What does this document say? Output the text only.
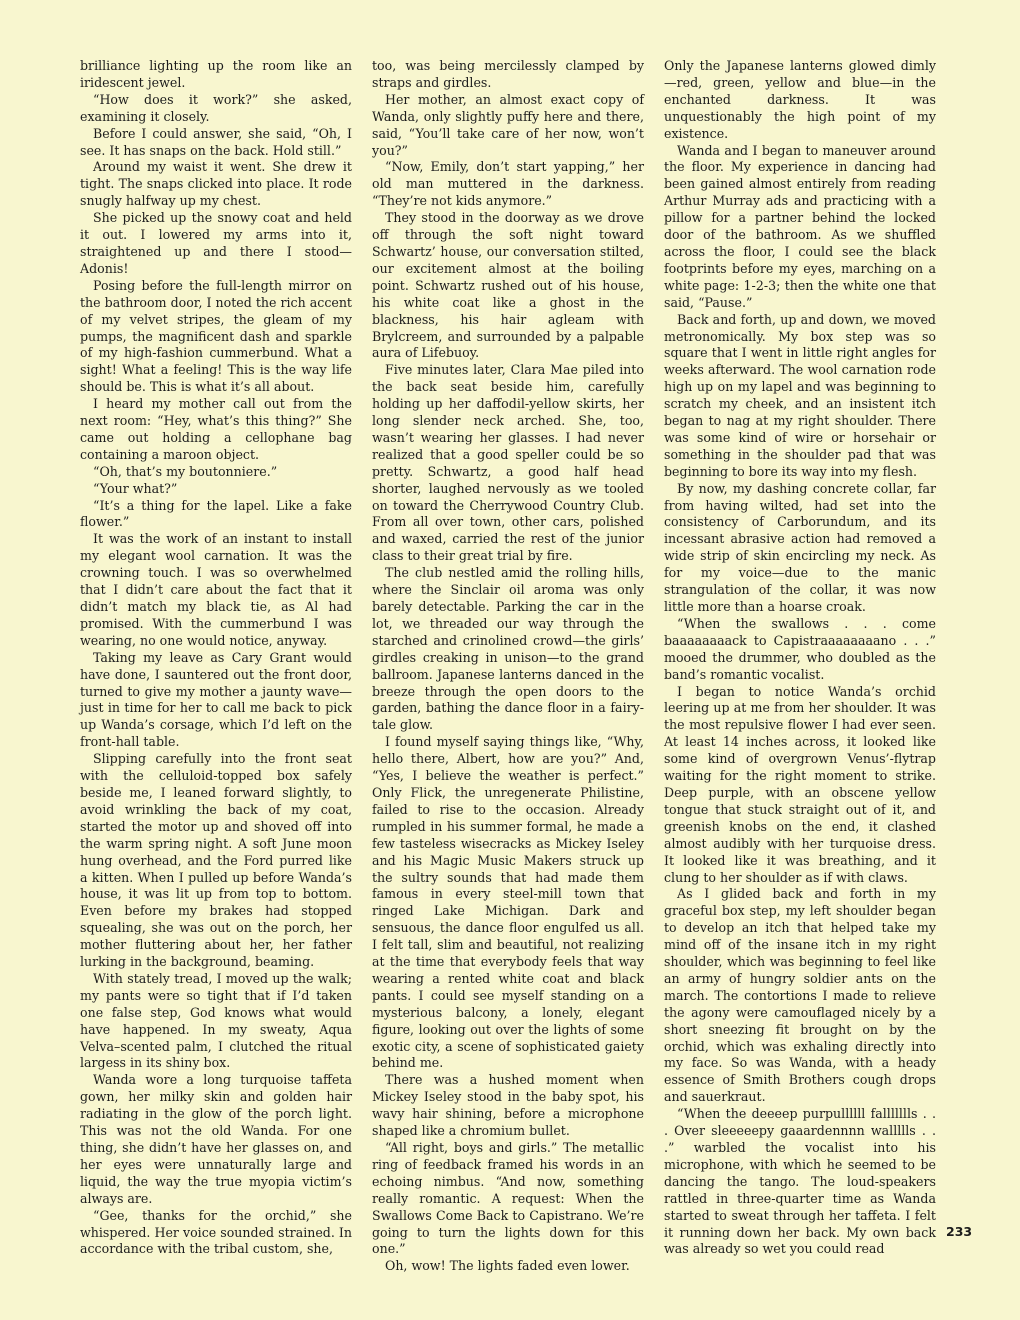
brilliance lighting up the room like an iridescent jewel.

“How does it work?” she asked, examining it closely.

Before I could answer, she said, “Oh, I see. It has snaps on the back. Hold still.”

Around my waist it went. She drew it tight. The snaps clicked into place. It rode snugly halfway up my chest.

She picked up the snowy coat and held it out. I lowered my arms into it, straightened up and there I stood—Adonis!

Posing before the full-length mirror on the bathroom door, I noted the rich accent of my velvet stripes, the gleam of my pumps, the magnificent dash and sparkle of my high-fashion cummerbund. What a sight! What a feeling! This is the way life should be. This is what it’s all about.

I heard my mother call out from the next room: “Hey, what’s this thing?” She came out holding a cellophane bag containing a maroon object.

“Oh, that’s my boutonniere.”

“Your what?”

“It’s a thing for the lapel. Like a fake flower.”

It was the work of an instant to install my elegant wool carnation. It was the crowning touch. I was so overwhelmed that I didn’t care about the fact that it didn’t match my black tie, as Al had promised. With the cummerbund I was wearing, no one would notice, anyway.

Taking my leave as Cary Grant would have done, I sauntered out the front door, turned to give my mother a jaunty wave—just in time for her to call me back to pick up Wanda’s corsage, which I’d left on the front-hall table.

Slipping carefully into the front seat with the celluloid-topped box safely beside me, I leaned forward slightly, to avoid wrinkling the back of my coat, started the motor up and shoved off into the warm spring night. A soft June moon hung overhead, and the Ford purred like a kitten. When I pulled up before Wanda’s house, it was lit up from top to bottom. Even before my brakes had stopped squealing, she was out on the porch, her mother fluttering about her, her father lurking in the background, beaming.

With stately tread, I moved up the walk; my pants were so tight that if I’d taken one false step, God knows what would have happened. In my sweaty, Aqua Velva–scented palm, I clutched the ritual largess in its shiny box.

Wanda wore a long turquoise taffeta gown, her milky skin and golden hair radiating in the glow of the porch light. This was not the old Wanda. For one thing, she didn’t have her glasses on, and her eyes were unnaturally large and liquid, the way the true myopia victim’s always are.

“Gee, thanks for the orchid,” she whispered. Her voice sounded strained. In accordance with the tribal custom, she,

too, was being mercilessly clamped by straps and girdles.

Her mother, an almost exact copy of Wanda, only slightly puffy here and there, said, “You’ll take care of her now, won’t you?”

“Now, Emily, don’t start yapping,” her old man muttered in the darkness. “They’re not kids anymore.”

They stood in the doorway as we drove off through the soft night toward Schwartz’ house, our conversation stilted, our excitement almost at the boiling point. Schwartz rushed out of his house, his white coat like a ghost in the blackness, his hair agleam with Brylcreem, and surrounded by a palpable aura of Lifebuoy.

Five minutes later, Clara Mae piled into the back seat beside him, carefully holding up her daffodil-yellow skirts, her long slender neck arched. She, too, wasn’t wearing her glasses. I had never realized that a good speller could be so pretty. Schwartz, a good half head shorter, laughed nervously as we tooled on toward the Cherrywood Country Club. From all over town, other cars, polished and waxed, carried the rest of the junior class to their great trial by fire.

The club nestled amid the rolling hills, where the Sinclair oil aroma was only barely detectable. Parking the car in the lot, we threaded our way through the starched and crinolined crowd—the girls’ girdles creaking in unison—to the grand ballroom. Japanese lanterns danced in the breeze through the open doors to the garden, bathing the dance floor in a fairy-tale glow.

I found myself saying things like, “Why, hello there, Albert, how are you?” And, “Yes, I believe the weather is perfect.” Only Flick, the unregenerate Philistine, failed to rise to the occasion. Already rumpled in his summer formal, he made a few tasteless wisecracks as Mickey Iseley and his Magic Music Makers struck up the sultry sounds that had made them famous in every steel-mill town that ringed Lake Michigan. Dark and sensuous, the dance floor engulfed us all. I felt tall, slim and beautiful, not realizing at the time that everybody feels that way wearing a rented white coat and black pants. I could see myself standing on a mysterious balcony, a lonely, elegant figure, looking out over the lights of some exotic city, a scene of sophisticated gaiety behind me.

There was a hushed moment when Mickey Iseley stood in the baby spot, his wavy hair shining, before a microphone shaped like a chromium bullet.

“All right, boys and girls.” The metallic ring of feedback framed his words in an echoing nimbus. “And now, something really romantic. A request: When the Swallows Come Back to Capistrano. We’re going to turn the lights down for this one.”

Oh, wow! The lights faded even lower.

Only the Japanese lanterns glowed dimly —red, green, yellow and blue—in the enchanted darkness. It was unquestionably the high point of my existence.

Wanda and I began to maneuver around the floor. My experience in dancing had been gained almost entirely from reading Arthur Murray ads and practicing with a pillow for a partner behind the locked door of the bathroom. As we shuffled across the floor, I could see the black footprints before my eyes, marching on a white page: 1-2-3; then the white one that said, “Pause.”

Back and forth, up and down, we moved metronomically. My box step was so square that I went in little right angles for weeks afterward. The wool carnation rode high up on my lapel and was beginning to scratch my cheek, and an insistent itch began to nag at my right shoulder. There was some kind of wire or horsehair or something in the shoulder pad that was beginning to bore its way into my flesh.

By now, my dashing concrete collar, far from having wilted, had set into the consistency of Carborundum, and its incessant abrasive action had removed a wide strip of skin encircling my neck. As for my voice—due to the manic strangulation of the collar, it was now little more than a hoarse croak.

“When the swallows . . . come baaaaaaaack to Capistraaaaaaaano . . .” mooed the drummer, who doubled as the band’s romantic vocalist.

I began to notice Wanda’s orchid leering up at me from her shoulder. It was the most repulsive flower I had ever seen. At least 14 inches across, it looked like some kind of overgrown Venus’-flytrap waiting for the right moment to strike. Deep purple, with an obscene yellow tongue that stuck straight out of it, and greenish knobs on the end, it clashed almost audibly with her turquoise dress. It looked like it was breathing, and it clung to her shoulder as if with claws.

As I glided back and forth in my graceful box step, my left shoulder began to develop an itch that helped take my mind off of the insane itch in my right shoulder, which was beginning to feel like an army of hungry soldier ants on the march. The contortions I made to relieve the agony were camouflaged nicely by a short sneezing fit brought on by the orchid, which was exhaling directly into my face. So was Wanda, with a heady essence of Smith Brothers cough drops and sauerkraut.

“When the deeeep purpullllll fallllllls . . . Over sleeeeepy gaaardennnn wallllls . . .” warbled the vocalist into his microphone, with which he seemed to be dancing the tango. The loud-speakers rattled in three-quarter time as Wanda started to sweat through her taffeta. I felt it running down her back. My own back was already so wet you could read

233
